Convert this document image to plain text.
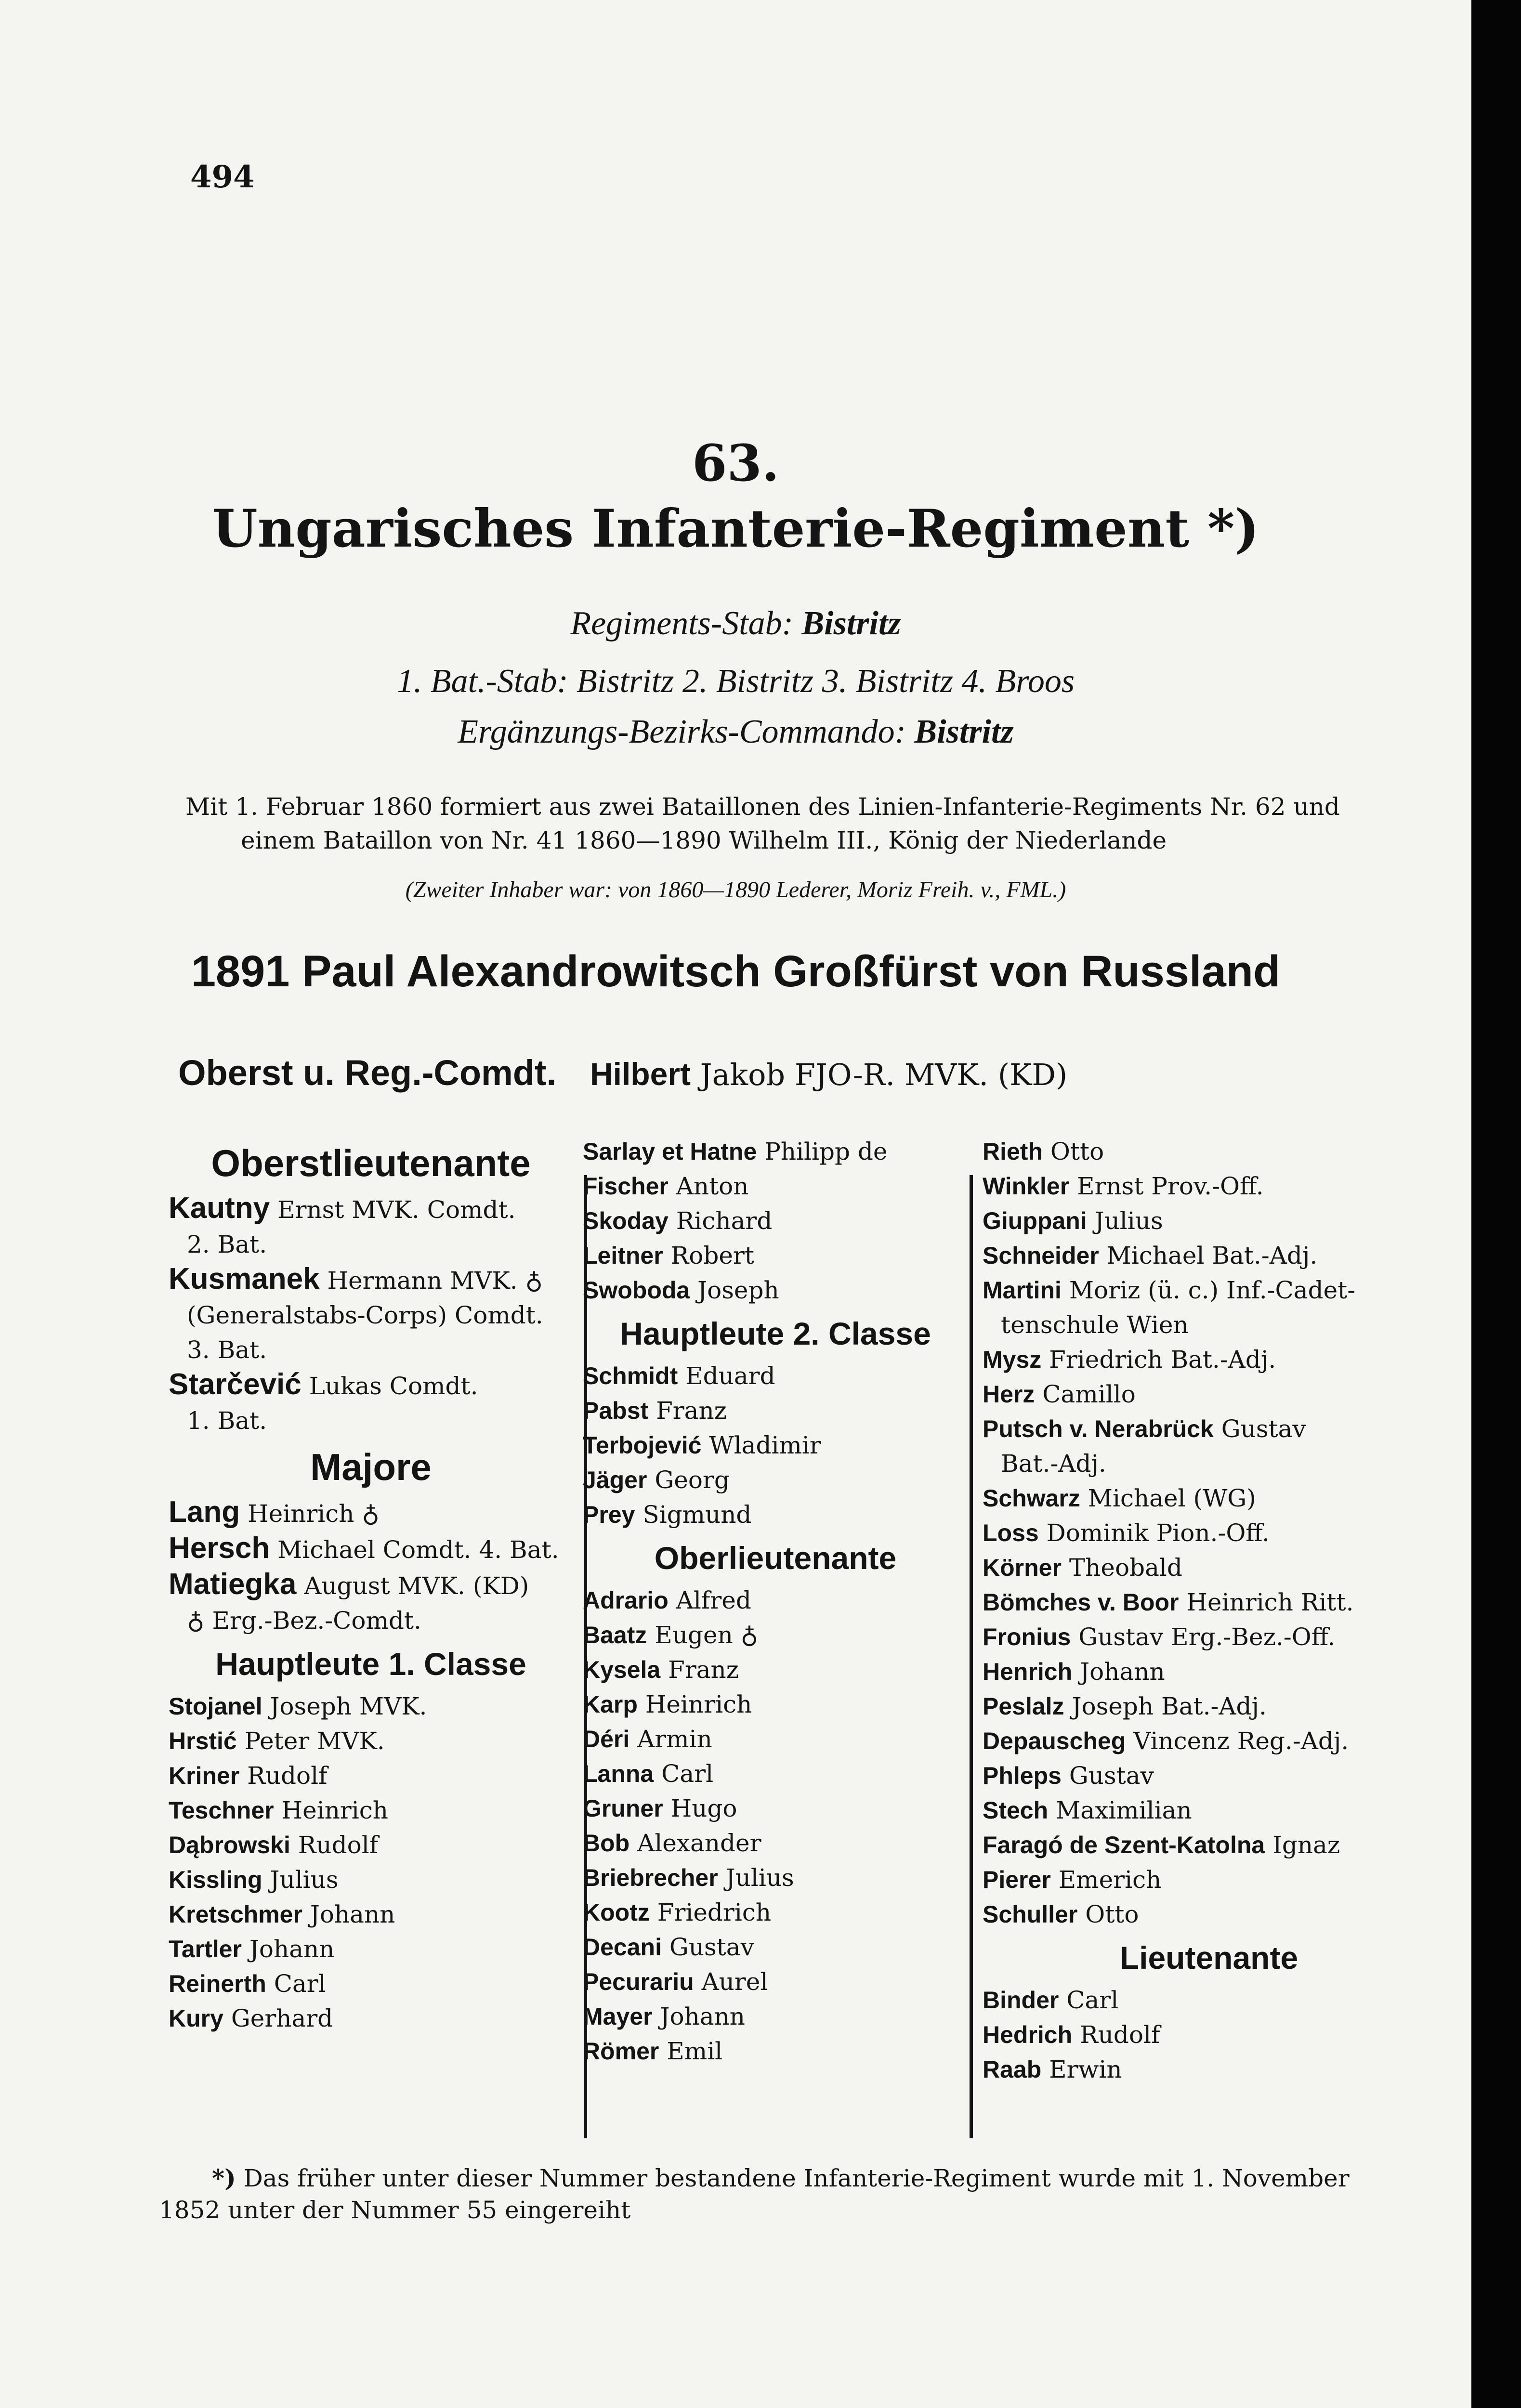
494

63.

Ungarisches Infanterie-Regiment *)

Regiments-Stab: Bistritz

1. Bat.-Stab: Bistritz 2. Bistritz 3. Bistritz 4. Broos

Ergänzungs-Bezirks-Commando: Bistritz

Mit 1. Februar 1860 formiert aus zwei Bataillonen des Linien-Infanterie-Regiments Nr. 62 und
einem Bataillon von Nr. 41 1860—1890 Wilhelm III., König der Niederlande

(Zweiter Inhaber war: von 1860—1890 Lederer, Moriz Freih. v., FML.)

1891 Paul Alexandrowitsch Großfürst von Russland

Oberst u. Reg.-Comdt. Hilbert Jakob FJO-R. MVK. (KD)

Oberstlieutenante
Kautny Ernst MVK. Comdt.
2. Bat.
Kusmanek Hermann MVK. ♁
(Generalstabs-Corps) Comdt. 3. Bat.
Starčević Lukas Comdt.
1. Bat.
Majore
Lang Heinrich ♁
Hersch Michael Comdt. 4. Bat.
Matiegka August MVK. (KD)
♁ Erg.-Bez.-Comdt.
Hauptleute 1. Classe
Stojanel Joseph MVK.
Hrstić Peter MVK.
Kriner Rudolf
Teschner Heinrich
Dąbrowski Rudolf
Kissling Julius
Kretschmer Johann
Tartler Johann
Reinerth Carl
Kury Gerhard
Sarlay et Hatne Philipp de
Fischer Anton
Skoday Richard
Leitner Robert
Swoboda Joseph
Hauptleute 2. Classe
Schmidt Eduard
Pabst Franz
Terbojević Wladimir
Jäger Georg
Prey Sigmund
Oberlieutenante
Adrario Alfred
Baatz Eugen ♁
Kysela Franz
Karp Heinrich
Déri Armin
Lanna Carl
Gruner Hugo
Bob Alexander
Briebrecher Julius
Kootz Friedrich
Decani Gustav
Pecurariu Aurel
Mayer Johann
Römer Emil
Rieth Otto
Winkler Ernst Prov.-Off.
Giuppani Julius
Schneider Michael Bat.-Adj.
Martini Moriz (ü. c.) Inf.-Cadet-
tenschule Wien
Mysz Friedrich Bat.-Adj.
Herz Camillo
Putsch v. Nerabrück Gustav
Bat.-Adj.
Schwarz Michael (WG)
Loss Dominik Pion.-Off.
Körner Theobald
Bömches v. Boor Heinrich Ritt.
Fronius Gustav Erg.-Bez.-Off.
Henrich Johann
Peslalz Joseph Bat.-Adj.
Depauscheg Vincenz Reg.-Adj.
Phleps Gustav
Stech Maximilian
Faragó de Szent-Katolna Ignaz
Pierer Emerich
Schuller Otto
Lieutenante
Binder Carl
Hedrich Rudolf
Raab Erwin
*) Das früher unter dieser Nummer bestandene Infanterie-Regiment wurde mit 1. November
1852 unter der Nummer 55 eingereiht
